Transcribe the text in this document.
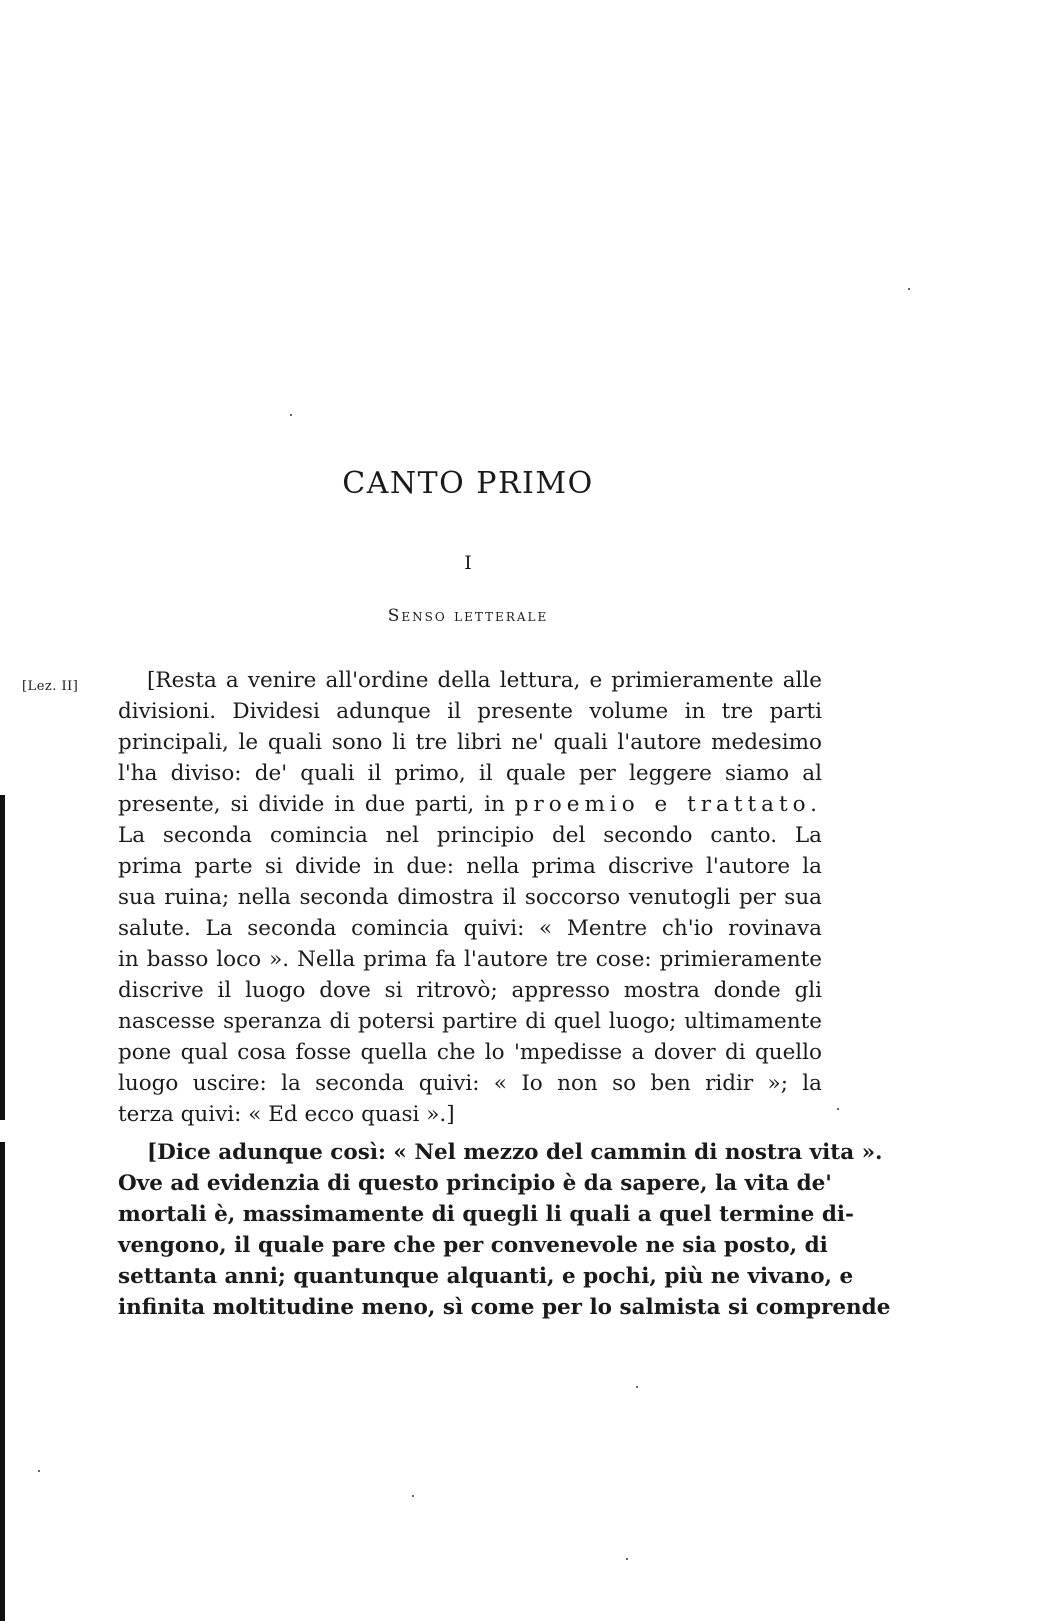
CANTO PRIMO
I
Senso letterale
[Lez. II]	[Resta a venire all'ordine della lettura, e primieramente alle
divisioni. Dividesi adunque il presente volume in tre parti
principali, le quali sono li tre libri ne' quali l'autore medesimo
l'ha diviso: de' quali il primo, il quale per leggere siamo al
presente, si divide in due parti, in proemio e trattato.
La seconda comincia nel principio del secondo canto. La
prima parte si divide in due: nella prima discrive l'autore la
sua ruina; nella seconda dimostra il soccorso venutogli per sua
salute. La seconda comincia quivi: « Mentre ch'io rovinava
in basso loco ». Nella prima fa l'autore tre cose: primieramente
discrive il luogo dove si ritrovò; appresso mostra donde gli
nascesse speranza di potersi partire di quel luogo; ultimamente
pone qual cosa fosse quella che lo 'mpedisse a dover di quello
luogo uscire: la seconda quivi: « Io non so ben ridir »; la
terza quivi: « Ed ecco quasi ».]
[Dice adunque così: « Nel mezzo del cammin di nostra vita ».
Ove ad evidenzia di questo principio è da sapere, la vita de'
mortali è, massimamente di quegli li quali a quel termine di-
vengono, il quale pare che per convenevole ne sia posto, di
settanta anni; quantunque alquanti, e pochi, più ne vivano, e
infinita moltitudine meno, sì come per lo salmista si comprende
